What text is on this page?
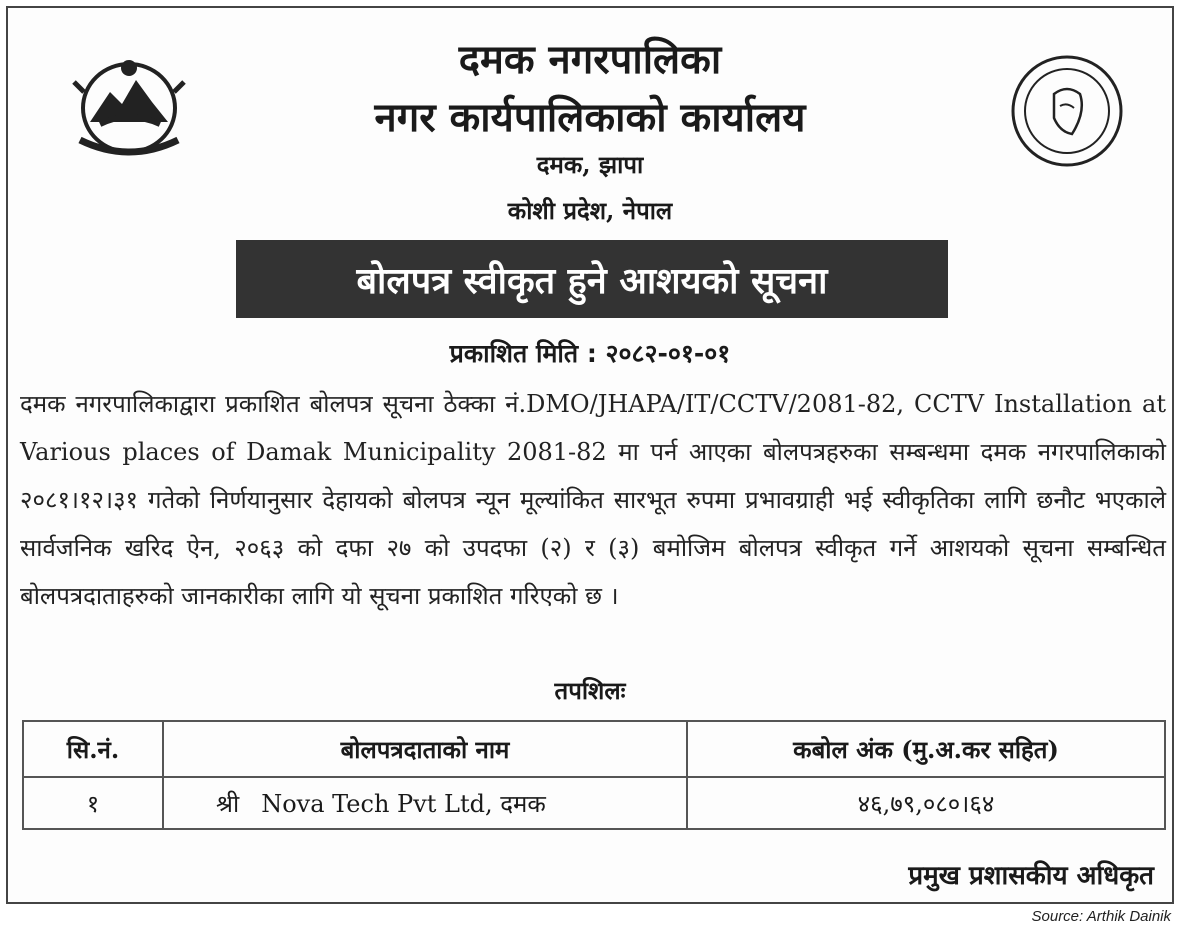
दमक नगरपालिका
नगर कार्यपालिकाको कार्यालय
दमक, झापा
कोशी प्रदेश, नेपाल
बोलपत्र स्वीकृत हुने आशयको सूचना
प्रकाशित मिति : २०८२-०१-०१

दमक नगरपालिकाद्वारा प्रकाशित बोलपत्र सूचना ठेक्का नं.DMO/JHAPA/IT/CCTV/2081-82, CCTV Installation at Various places of Damak Municipality 2081-82 मा पर्न आएका बोलपत्रहरुका सम्बन्धमा दमक नगरपालिकाको २०८१।१२।३१ गतेको निर्णयानुसार देहायको बोलपत्र न्यून मूल्यांकित सारभूत रुपमा प्रभावग्राही भई स्वीकृतिका लागि छनौट भएकाले सार्वजनिक खरिद ऐन, २०६३ को दफा २७ को उपदफा (२) र (३) बमोजिम बोलपत्र स्वीकृत गर्ने आशयको सूचना सम्बन्धित बोलपत्रदाताहरुको जानकारीका लागि यो सूचना प्रकाशित गरिएको छ ।

तपशिलः
सि.नं.	बोलपत्रदाताको नाम	कबोल अंक (मु.अ.कर सहित)
१	श्री Nova Tech Pvt Ltd, दमक	४६,७९,०८०।६४
प्रमुख प्रशासकीय अधिकृत
Source: Arthik Dainik
